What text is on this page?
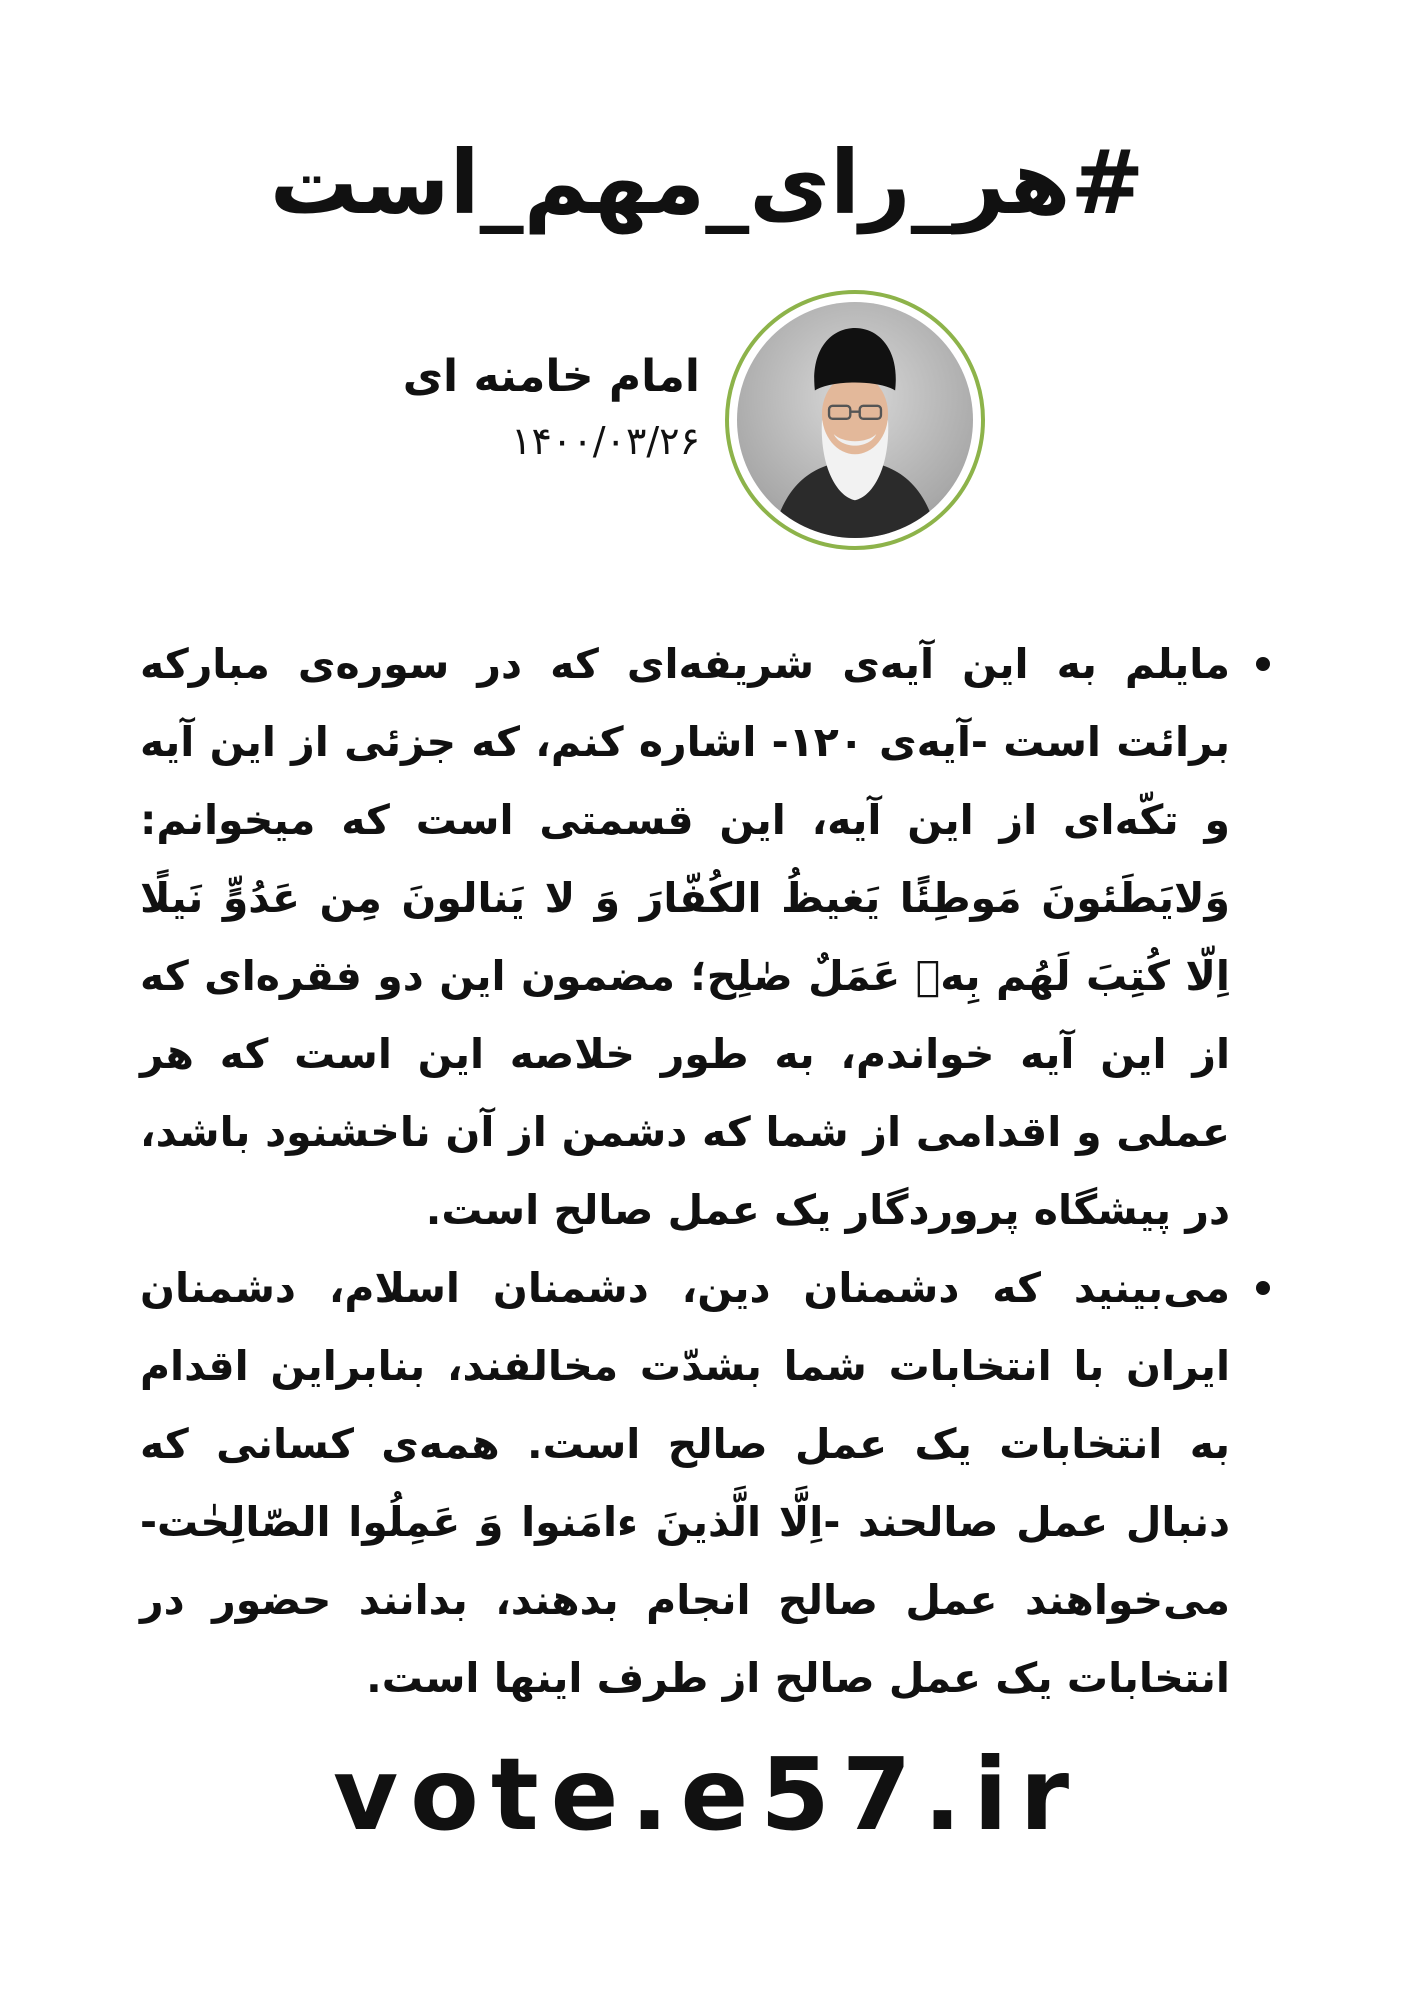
#هر_رای_مهم_است
امام خامنه ای
۱۴۰۰/۰۳/۲۶
مایلم به این آیه‌ی شریفه‌ای که در سوره‌ی مبارکه برائت است -آیه‌ی ۱۲۰- اشاره کنم، که جزئی از این آیه و تکّه‌ای از این آیه، این قسمتی است که میخوانم: وَلایَطَئونَ مَوطِئًا یَغیظُ الکُفّارَ وَ لا یَنالونَ مِن عَدُوٍّ نَیلًا اِلّا کُتِبَ لَهُم بِهٖ عَمَلٌ صٰلِح؛ مضمون این دو فقره‌ای که از این آیه خواندم، به طور خلاصه این است که هر عملی و اقدامی از شما که دشمن از آن ناخشنود باشد، در پیشگاه پروردگار یک عمل صالح است.
می‌بینید که دشمنان دین، دشمنان اسلام، دشمنان ایران با انتخابات شما بشدّت مخالفند، بنابراین اقدام به انتخابات یک عمل صالح است. همه‌ی کسانی که دنبال عمل صالحند -اِلَّا الَّذینَ ءامَنوا وَ عَمِلُوا الصّالِحٰت- می‌خواهند عمل صالح انجام بدهند، بدانند حضور در انتخابات یک عمل صالح از طرف اینها است.
vote.e57.ir
